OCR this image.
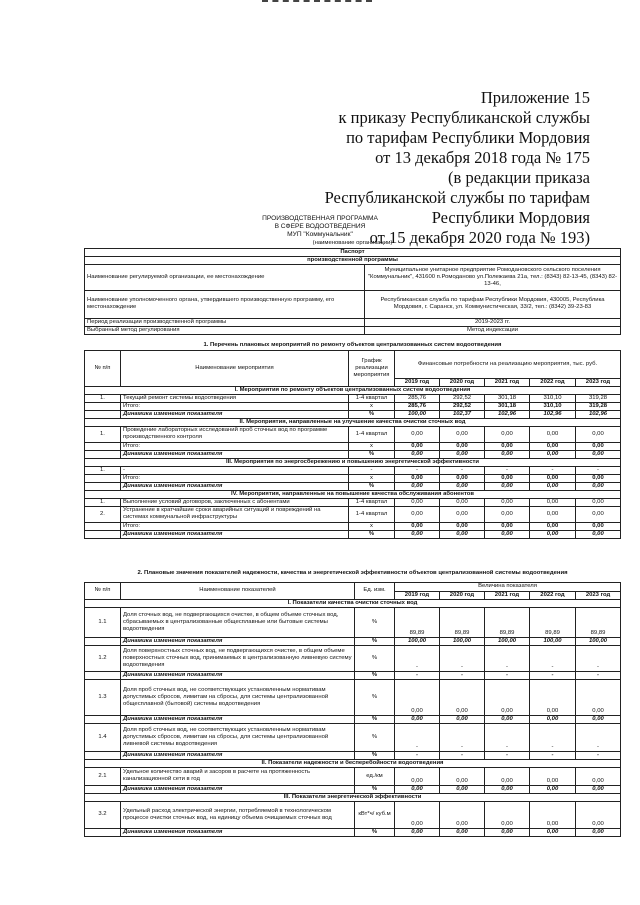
Приложение 15
к приказу Республиканской службы
по тарифам Республики Мордовия
от 13 декабря 2018 года № 175
(в редакции приказа
Республиканской службы по тарифам
Республики Мордовия
от 15 декабря 2020 года № 193)
ПРОИЗВОДСТВЕННАЯ ПРОГРАММА
В СФЕРЕ ВОДООТВЕДЕНИЯ
МУП "Коммунальник"
(наименование организации)	
Паспорт	
производственной программы	
Наименование регулируемой организации, ее местонахождение	Муниципальное унитарное предприятие Ромодановского сельского поселения "Коммунальник", 431600 п.Ромоданово ул.Полежаева 21а, тел.: (8343) 82-13-45, (8343) 82-13-46,
Наименование уполномоченного органа, утвердившего производственную программу, его местонахождение	Республиканская служба по тарифам Республики Мордовия, 430005, Республика Мордовия, г. Саранск, ул. Коммунистическая, 33/2, тел.: (8342) 39-23-83
Период реализации производственной программы	2019-2023 гг.
Выбранный метод регулирования	Метод индексации
1. Перечень плановых мероприятий по ремонту объектов централизованных систем водоотведения							
№ п/п	Наименование мероприятия	График реализации мероприятия	Финансовые потребности на реализацию мероприятия, тыс. руб.				
			2019 год	2020 год	2021 год	2022 год	2023 год
I. Мероприятия по ремонту объектов централизованных систем водоотведения							
1.	Текущий ремонт системы водоотведения	1-4 квартал	285,76	292,52	301,18	310,10	319,28
	Итого:	х	285,76	292,52	301,18	310,10	319,28
	Динамика изменения показателя	%	100,00	102,37	102,96	102,96	102,96
II. Мероприятия, направленные на улучшение качества очистки сточных вод							
1.	Проведение лабораторных исследований проб сточных вод по программе производственного контроля	1-4 квартал	0,00	0,00	0,00	0,00	0,00
	Итого:	х	0,00	0,00	0,00	0,00	0,00
	Динамика изменения показателя	%	0,00	0,00	0,00	0,00	0,00
III. Мероприятия по энергосбережению и повышению энергетической эффективности							
1.	-	-	-	-	-	-	-
	Итого:	х	0,00	0,00	0,00	0,00	0,00
	Динамика изменения показателя	%	0,00	0,00	0,00	0,00	0,00
IV. Мероприятия, направленные на повышение качества обслуживания абонентов							
1.	Выполнение условий договоров, заключенных с абонентами	1-4 квартал	0,00	0,00	0,00	0,00	0,00
2.	Устранение в кратчайшие сроки аварийных ситуаций и повреждений на системах коммунальной инфраструктуры	1-4 квартал	0,00	0,00	0,00	0,00	0,00
	Итого:	х	0,00	0,00	0,00	0,00	0,00
	Динамика изменения показателя	%	0,00	0,00	0,00	0,00	0,00
2. Плановые значения показателей надежности, качества и энергетической эффективности объектов централизованной системы водоотведения							
№ п/п	Наименование показателей	Ед. изм.	Величина показателя				
			2019 год	2020 год	2021 год	2022 год	2023 год
I. Показатели качества очистки сточных вод							
1.1	Доля сточных вод, не подвергающихся очистке, в общем объеме сточных вод, сбрасываемых в централизованные общесплавные или бытовые системы водоотведения	%	89,89	89,89	89,89	89,89	89,89
	Динамика изменения показателя	%	100,00	100,00	100,00	100,00	100,00
1.2	Доля поверхностных сточных вод, не подвергающихся очистке, в общем объеме поверхностных сточных вод, принимаемых в централизованную ливневую систему водоотведения	%	-	-	-	-	-
	Динамика изменения показателя	%	-	-	-	-	-
1.3	Доля проб сточных вод, не соответствующих установленным нормативам допустимых сбросов, лимитам на сбросы, для системы централизованной общесплавной (бытовой) системы водоотведения	%	0,00	0,00	0,00	0,00	0,00
	Динамика изменения показателя	%	0,00	0,00	0,00	0,00	0,00
1.4	Доля проб сточных вод, не соответствующих установленным нормативам допустимых сбросов, лимитам на сбросы, для системы централизованной ливневой системы водоотведения	%	-	-	-	-	-
	Динамика изменения показателя	%	-	-	-	-	-
II. Показатели надежности и бесперебойности водоотведения							
2.1	Удельное количество аварий и засоров в расчете на протяженность канализационной сети в год	ед./км	0,00	0,00	0,00	0,00	0,00
	Динамика изменения показателя	%	0,00	0,00	0,00	0,00	0,00
III. Показатели энергетической эффективности							
3.2	Удельный расход электрической энергии, потребляемой в технологическом процессе очистки сточных вод, на единицу объема очищаемых сточных вод	кВт*ч/ куб.м	0,00	0,00	0,00	0,00	0,00
	Динамика изменения показателя	%	0,00	0,00	0,00	0,00	0,00
